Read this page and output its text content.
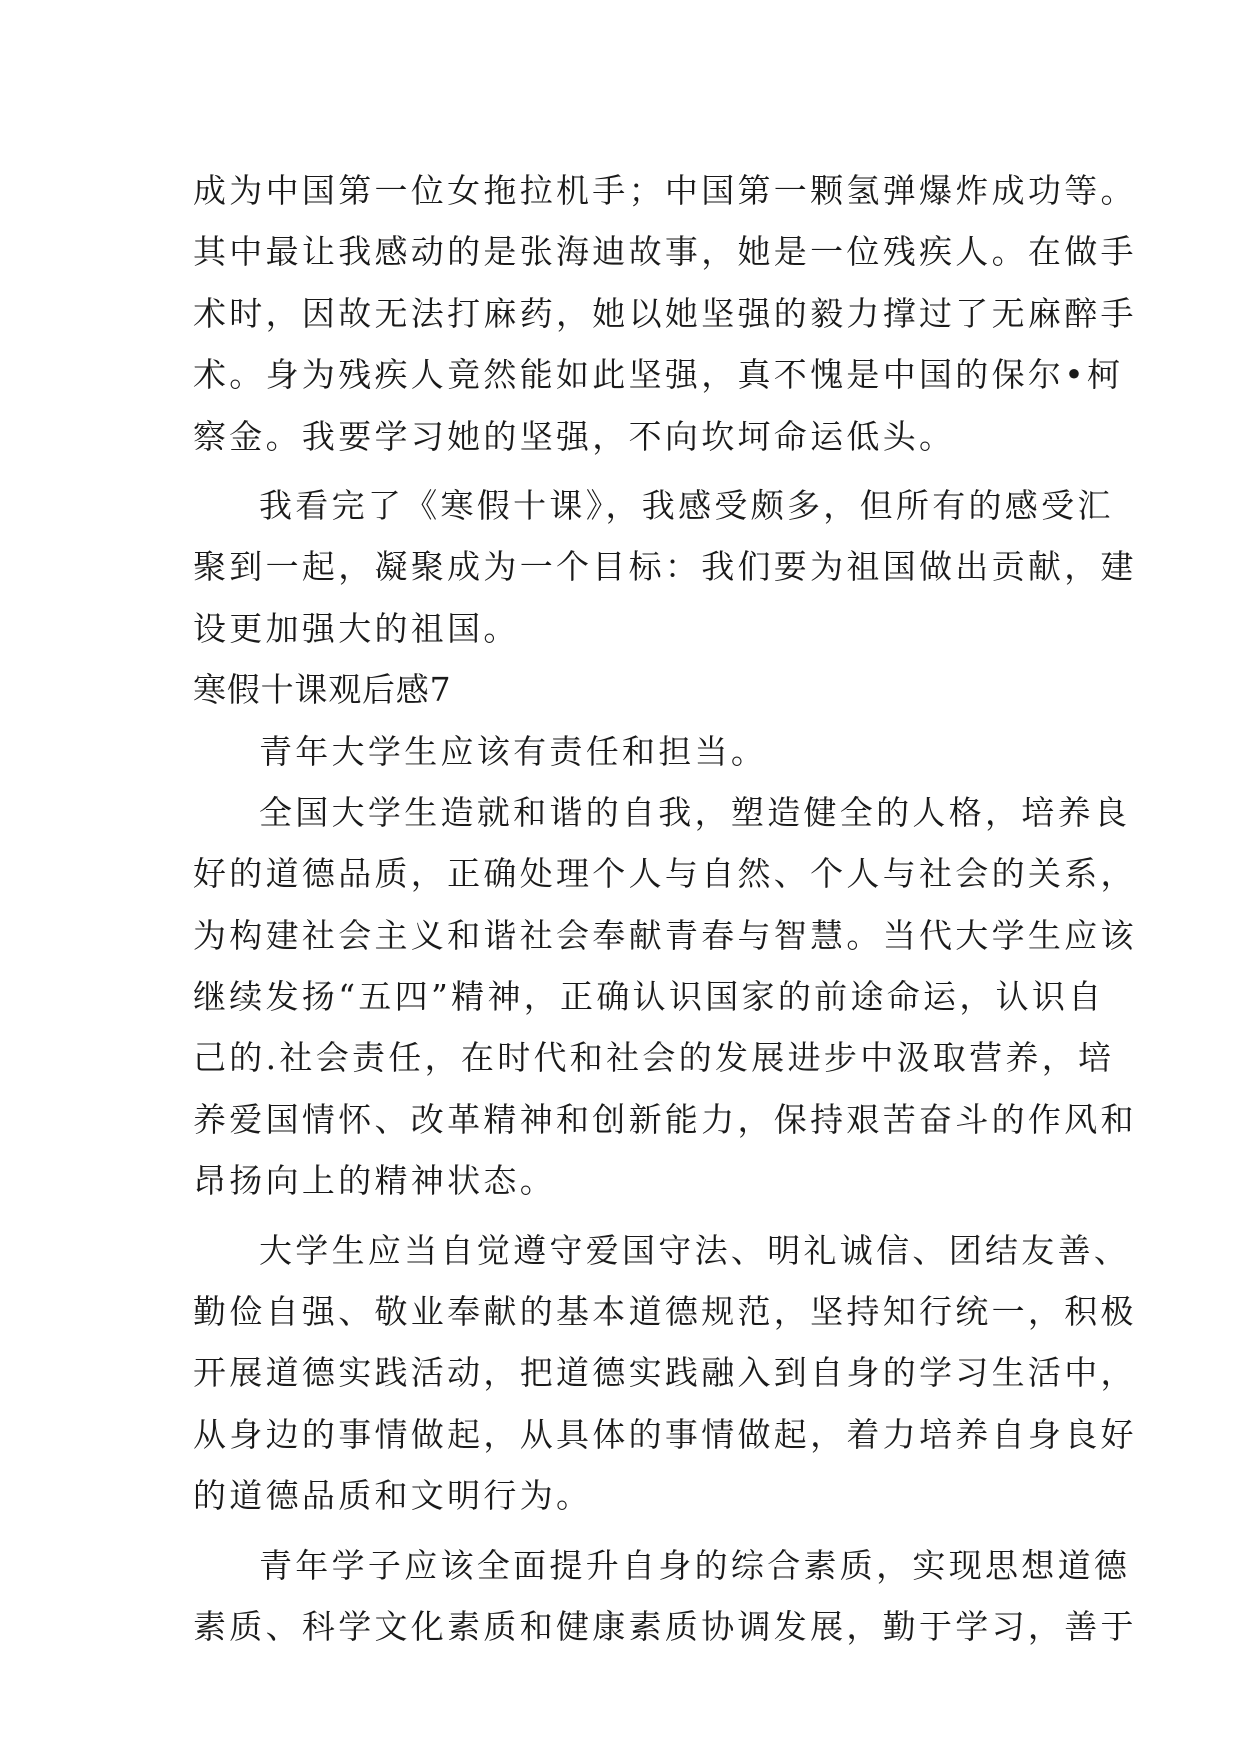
成为中国第一位女拖拉机手；中国第一颗氢弹爆炸成功等。
其中最让我感动的是张海迪故事，她是一位残疾人。在做手
术时，因故无法打麻药，她以她坚强的毅力撑过了无麻醉手
术。身为残疾人竟然能如此坚强，真不愧是中国的保尔•柯
察金。我要学习她的坚强，不向坎坷命运低头。
我看完了《寒假十课》，我感受颇多，但所有的感受汇
聚到一起，凝聚成为一个目标：我们要为祖国做出贡献，建
设更加强大的祖国。
寒假十课观后感7
青年大学生应该有责任和担当。
全国大学生造就和谐的自我，塑造健全的人格，培养良
好的道德品质，正确处理个人与自然、个人与社会的关系，
为构建社会主义和谐社会奉献青春与智慧。当代大学生应该
继续发扬“五四”精神，正确认识国家的前途命运，认识自
己的.社会责任，在时代和社会的发展进步中汲取营养，培
养爱国情怀、改革精神和创新能力，保持艰苦奋斗的作风和
昂扬向上的精神状态。
大学生应当自觉遵守爱国守法、明礼诚信、团结友善、
勤俭自强、敬业奉献的基本道德规范，坚持知行统一，积极
开展道德实践活动，把道德实践融入到自身的学习生活中，
从身边的事情做起，从具体的事情做起，着力培养自身良好
的道德品质和文明行为。
青年学子应该全面提升自身的综合素质，实现思想道德
素质、科学文化素质和健康素质协调发展，勤于学习，善于
